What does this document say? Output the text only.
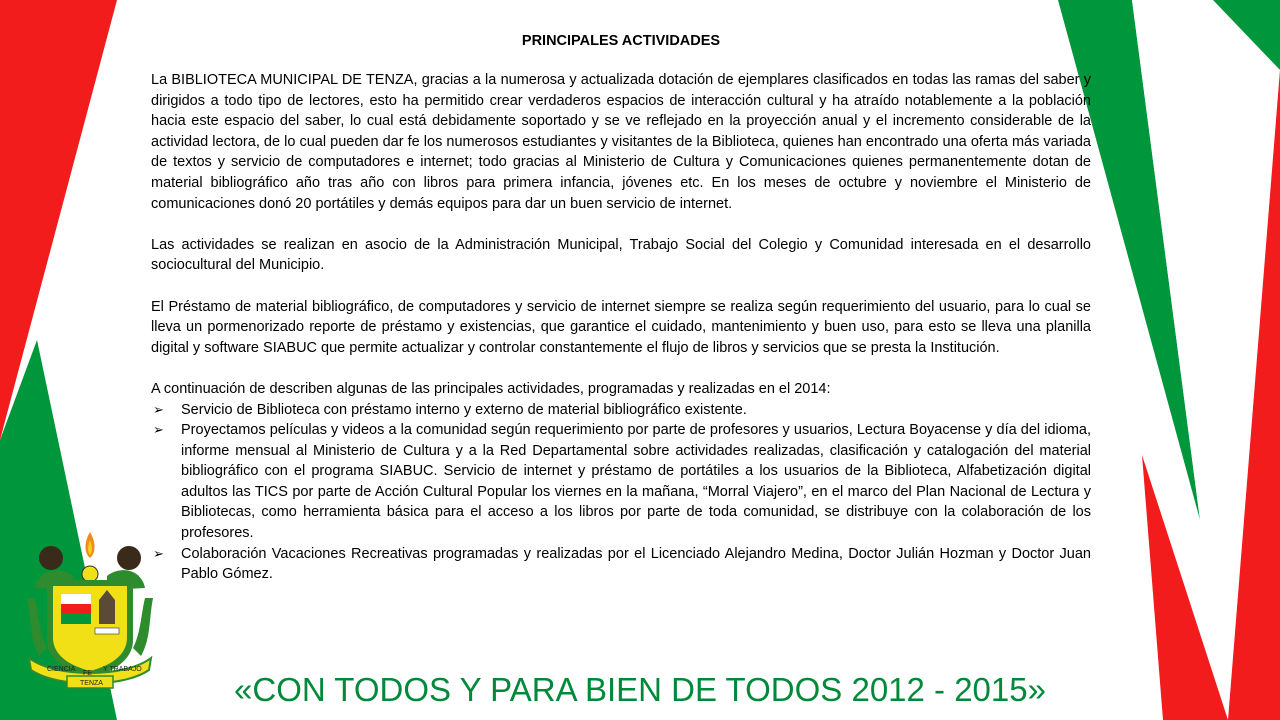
PRINCIPALES ACTIVIDADES

La BIBLIOTECA MUNICIPAL DE TENZA, gracias a la numerosa y actualizada dotación de ejemplares clasificados en todas las ramas del saber y dirigidos a todo tipo de lectores, esto ha permitido crear verdaderos espacios de interacción cultural y ha atraído notablemente a la población hacia este espacio del saber, lo cual está debidamente soportado y se ve reflejado en la proyección anual y el incremento considerable de la actividad lectora, de lo cual pueden dar fe los numerosos estudiantes y visitantes de la Biblioteca, quienes han encontrado una oferta más variada de textos y servicio de computadores e internet; todo gracias al Ministerio de Cultura y Comunicaciones quienes permanentemente dotan de material bibliográfico año tras año con libros para primera infancia, jóvenes etc. En los meses de octubre y noviembre el Ministerio de comunicaciones donó 20 portátiles y demás equipos para dar un buen servicio de internet.

Las actividades se realizan en asocio de la Administración Municipal, Trabajo Social del Colegio y Comunidad interesada en el desarrollo sociocultural del Municipio.

El Préstamo de material bibliográfico, de computadores y servicio de internet siempre se realiza según requerimiento del usuario, para lo cual se lleva un pormenorizado reporte de préstamo y existencias, que garantice el cuidado, mantenimiento y buen uso, para esto se lleva una planilla digital y software SIABUC que permite actualizar y controlar constantemente el flujo de libros y servicios que se presta la Institución.

A continuación de describen algunas de las principales actividades, programadas y realizadas en el 2014:

➢ Servicio de Biblioteca con préstamo interno y externo de material bibliográfico existente.
➢ Proyectamos películas y videos a la comunidad según requerimiento por parte de profesores y usuarios, Lectura Boyacense y día del idioma, informe mensual al Ministerio de Cultura y a la Red Departamental sobre actividades realizadas, clasificación y catalogación del material bibliográfico con el programa SIABUC. Servicio de internet y préstamo de portátiles a los usuarios de la Biblioteca, Alfabetización digital adultos las TICS por parte de Acción Cultural Popular los viernes en la mañana, “Morral Viajero”, en el marco del Plan Nacional de Lectura y Bibliotecas, como herramienta básica para el acceso a los libros por parte de toda comunidad, se distribuye con la colaboración de los profesores.
➢ Colaboración Vacaciones Recreativas programadas y realizadas por el Licenciado Alejandro Medina, Doctor Julián Hozman y Doctor Juan Pablo Gómez.
«CON TODOS Y PARA BIEN DE TODOS 2012 - 2015»
CIENCIA
FE
Y TRABAJO
TENZA
